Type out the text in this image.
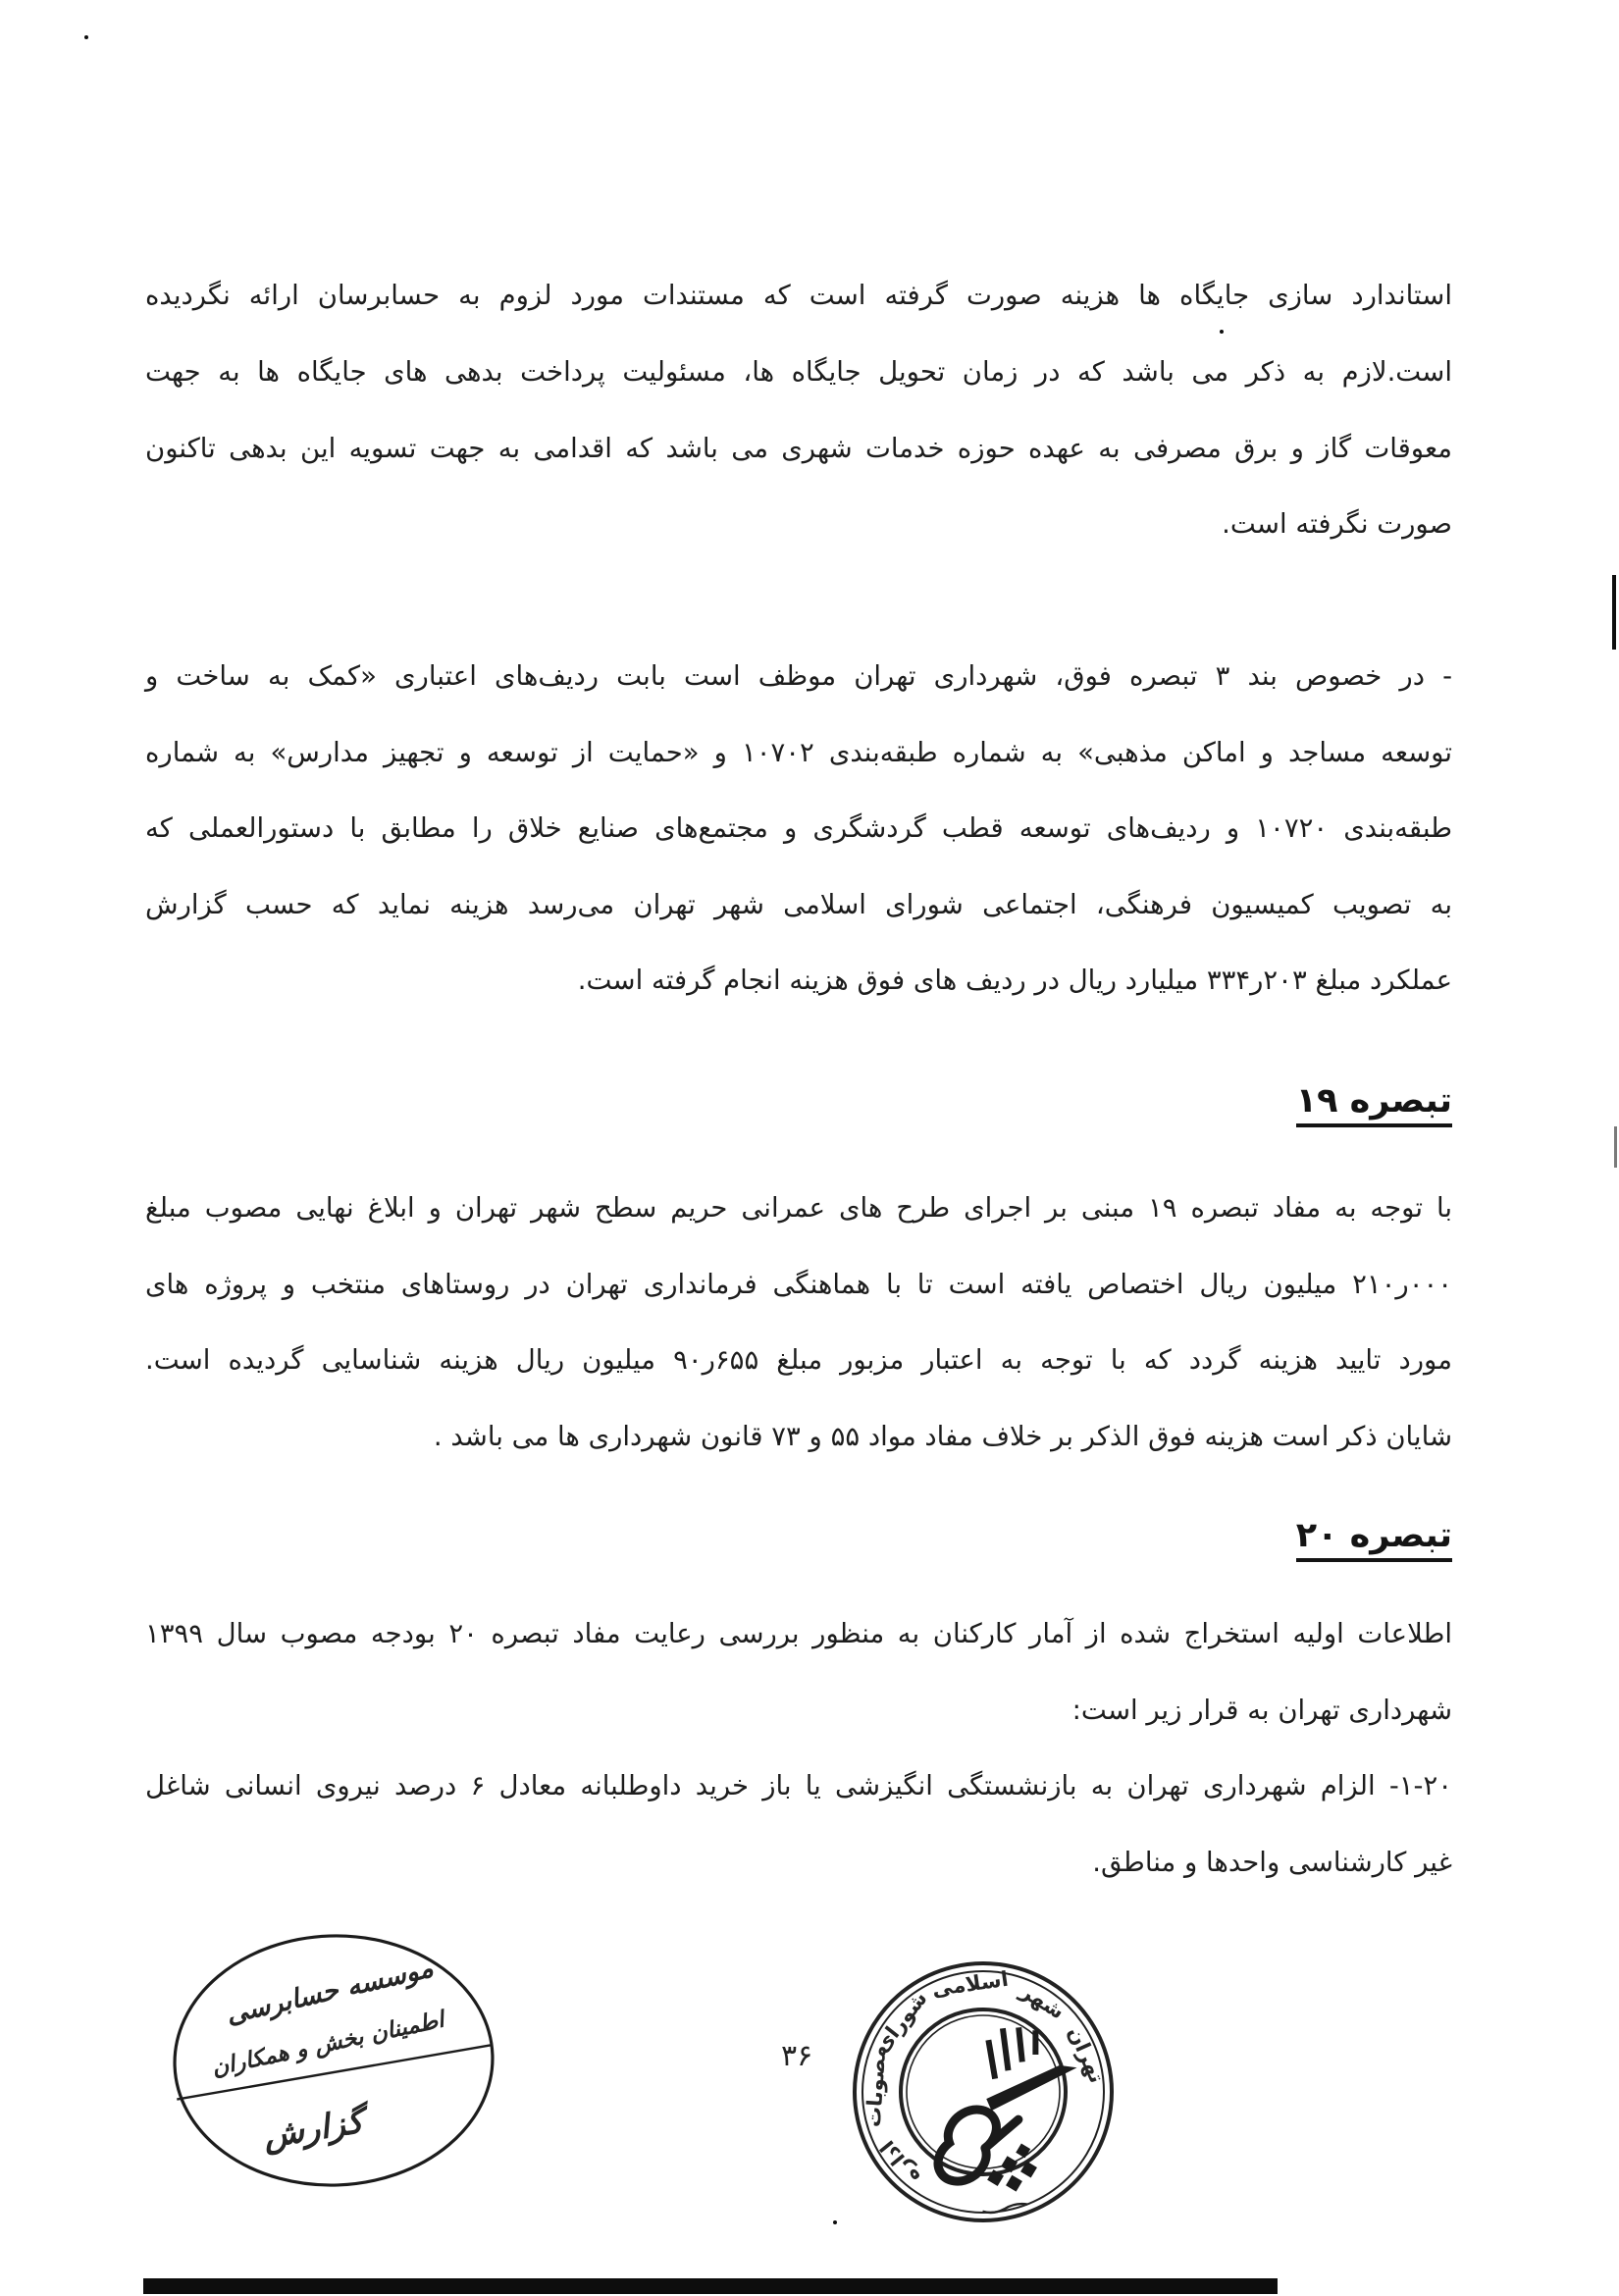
استاندارد سازی جایگاه ها هزینه صورت گرفته است که مستندات مورد لزوم به حسابرسان ارائه نگردیده
است.لازم به ذکر می باشد که در زمان تحویل جایگاه ها، مسئولیت پرداخت بدهی های جایگاه ها به جهت
معوقات گاز و برق مصرفی به عهده حوزه خدمات شهری می باشد که اقدامی به جهت تسویه این بدهی تاکنون
صورت نگرفته است.
- در خصوص بند ۳ تبصره فوق، شهرداری تهران موظف است بابت ردیف‌های اعتباری «کمک به ساخت و
توسعه مساجد و اماکن مذهبی» به شماره طبقه‌بندی ۱۰۷۰۲ و «حمایت از توسعه و تجهیز مدارس» به شماره
طبقه‌بندی ۱۰۷۲۰ و ردیف‌های توسعه قطب گردشگری و مجتمع‌های صنایع خلاق را مطابق با دستورالعملی که
به تصویب کمیسیون فرهنگی، اجتماعی شورای اسلامی شهر تهران می‌رسد هزینه نماید که حسب گزارش
عملکرد مبلغ ۲۰۳ر۳۳۴ میلیارد ریال در ردیف های فوق هزینه انجام گرفته است.
تبصره ۱۹
با توجه به مفاد تبصره ۱۹ مبنی بر اجرای طرح های عمرانی حریم سطح شهر تهران و ابلاغ نهایی مصوب مبلغ
۰۰۰ر۲۱۰ میلیون ریال اختصاص یافته است تا با هماهنگی فرمانداری تهران در روستاهای منتخب و پروژه های
مورد تایید هزینه گردد که با توجه به اعتبار مزبور مبلغ ۶۵۵ر۹۰ میلیون ریال هزینه شناسایی گردیده است.
شایان ذکر است هزینه فوق الذکر بر خلاف مفاد مواد ۵۵ و ۷۳ قانون شهرداری ها می باشد .
تبصره ۲۰
اطلاعات اولیه استخراج شده از آمار کارکنان به منظور بررسی رعایت مفاد تبصره ۲۰ بودجه مصوب سال ۱۳۹۹
شهرداری تهران به قرار زیر است:
۱-۲۰- الزام شهرداری تهران به بازنشستگی انگیزشی یا باز خرید داوطلبانه معادل ۶ درصد نیروی انسانی شاغل
غیر کارشناسی واحدها و مناطق.
۳۶
موسسه حسابرسی
اطمینان بخش و همکاران
گزارش
مصوبات
شورای
اسلامی شهر
تهران
اداره
